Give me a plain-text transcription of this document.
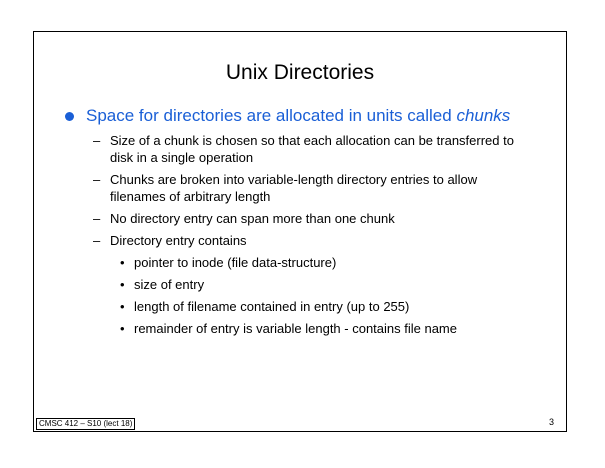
Unix Directories
Space for directories are allocated in units called chunks
– Size of a chunk is chosen so that each allocation can be transferred to disk in a single operation
– Chunks are broken into variable-length directory entries to allow filenames of arbitrary length
– No directory entry can span more than one chunk
– Directory entry contains
• pointer to inode (file data-structure)
• size of entry
• length of filename contained in entry (up to 255)
• remainder of entry is variable length - contains file name
CMSC 412 – S10 (lect 18)	3
